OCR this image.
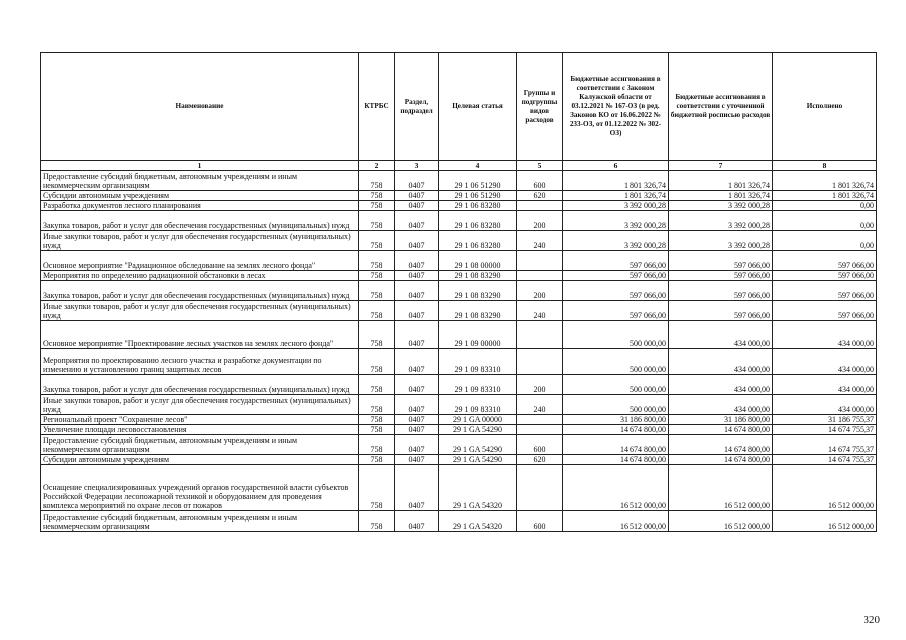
Наименование	КТРБС	Раздел, подраздел	Целевая статья	Группы и подгруппы видов расходов	Бюджетные ассигнования в соответствии с Законом Калужской области от 03.12.2021 № 167-ОЗ (в ред. Законов КО от 16.06.2022 № 233-ОЗ, от 01.12.2022 № 302-ОЗ)	Бюджетные ассигнования в соответствии с уточненной бюджетной росписью расходов	Исполнено
1	2	3	4	5	6	7	8
Предоставление субсидий бюджетным, автономным учреждениям и иным некоммерческим организациям	758	0407	29 1 06 51290	600	1 801 326,74	1 801 326,74	1 801 326,74
Субсидии автономным учреждениям	758	0407	29 1 06 51290	620	1 801 326,74	1 801 326,74	1 801 326,74
Разработка документов лесного планирования	758	0407	29 1 06 83280		3 392 000,28	3 392 000,28	0,00
Закупка товаров, работ и услуг для обеспечения государственных (муниципальных) нужд	758	0407	29 1 06 83280	200	3 392 000,28	3 392 000,28	0,00
Иные закупки товаров, работ и услуг для обеспечения государственных (муниципальных) нужд	758	0407	29 1 06 83280	240	3 392 000,28	3 392 000,28	0,00
Основное мероприятие "Радиационное обследование на землях лесного фонда"	758	0407	29 1 08 00000		597 066,00	597 066,00	597 066,00
Мероприятия по определению радиационной обстановки в лесах	758	0407	29 1 08 83290		597 066,00	597 066,00	597 066,00
Закупка товаров, работ и услуг для обеспечения государственных (муниципальных) нужд	758	0407	29 1 08 83290	200	597 066,00	597 066,00	597 066,00
Иные закупки товаров, работ и услуг для обеспечения государственных (муниципальных) нужд	758	0407	29 1 08 83290	240	597 066,00	597 066,00	597 066,00
Основное мероприятие "Проектирование лесных участков на землях лесного фонда"	758	0407	29 1 09 00000		500 000,00	434 000,00	434 000,00
Мероприятия по проектированию лесного участка и разработке документации по изменению и установлению границ защитных лесов	758	0407	29 1 09 83310		500 000,00	434 000,00	434 000,00
Закупка товаров, работ и услуг для обеспечения государственных (муниципальных) нужд	758	0407	29 1 09 83310	200	500 000,00	434 000,00	434 000,00
Иные закупки товаров, работ и услуг для обеспечения государственных (муниципальных) нужд	758	0407	29 1 09 83310	240	500 000,00	434 000,00	434 000,00
Региональный проект "Сохранение лесов"	758	0407	29 1 GA 00000		31 186 800,00	31 186 800,00	31 186 755,37
Увеличение площади лесовосстановления	758	0407	29 1 GA 54290		14 674 800,00	14 674 800,00	14 674 755,37
Предоставление субсидий бюджетным, автономным учреждениям и иным некоммерческим организациям	758	0407	29 1 GA 54290	600	14 674 800,00	14 674 800,00	14 674 755,37
Субсидии автономным учреждениям	758	0407	29 1 GA 54290	620	14 674 800,00	14 674 800,00	14 674 755,37
Оснащение специализированных учреждений органов государственной власти субъектов Российской Федерации лесопожарной техникой и оборудованием для проведения комплекса мероприятий по охране лесов от пожаров	758	0407	29 1 GA 54320		16 512 000,00	16 512 000,00	16 512 000,00
Предоставление субсидий бюджетным, автономным учреждениям и иным некоммерческим организациям	758	0407	29 1 GA 54320	600	16 512 000,00	16 512 000,00	16 512 000,00
320
